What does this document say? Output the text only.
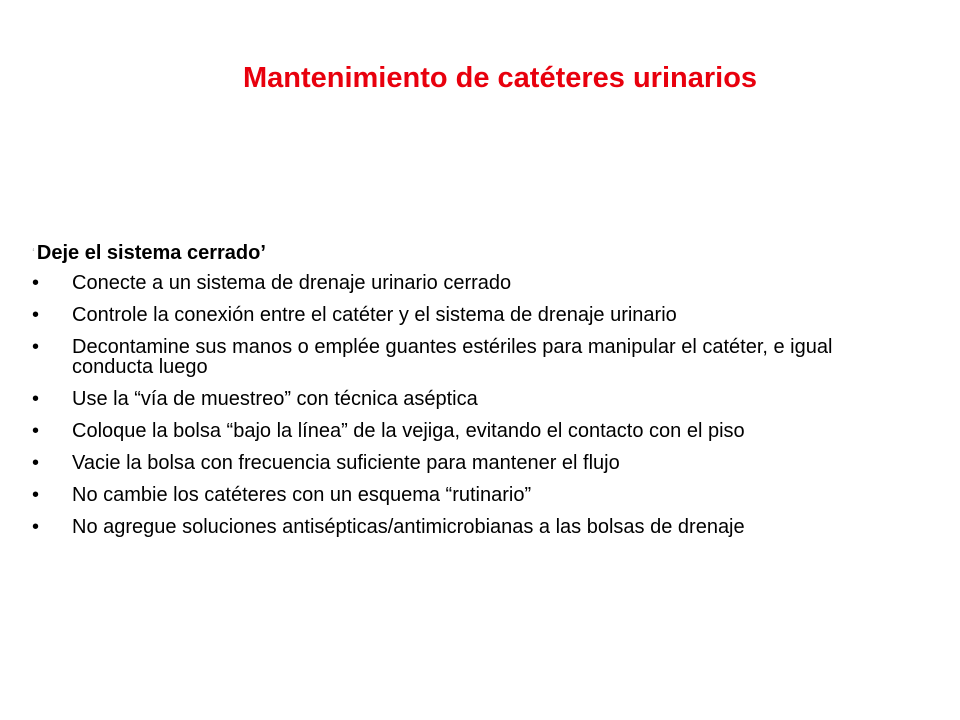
Mantenimiento de catéteres urinarios
‘ Deje el sistema cerrado’
• Conecte a un sistema de drenaje urinario cerrado
• Controle la conexión entre el catéter y el sistema de drenaje urinario
• Decontamine sus manos o emplée guantes estériles para manipular el catéter, e igual conducta luego
• Use la “vía de muestreo” con técnica aséptica
• Coloque la bolsa “bajo la línea” de la vejiga, evitando el contacto con el piso
• Vacie la bolsa con frecuencia suficiente para mantener el flujo
• No cambie los catéteres con un esquema “rutinario”
• No agregue soluciones antisépticas/antimicrobianas a las bolsas de drenaje
